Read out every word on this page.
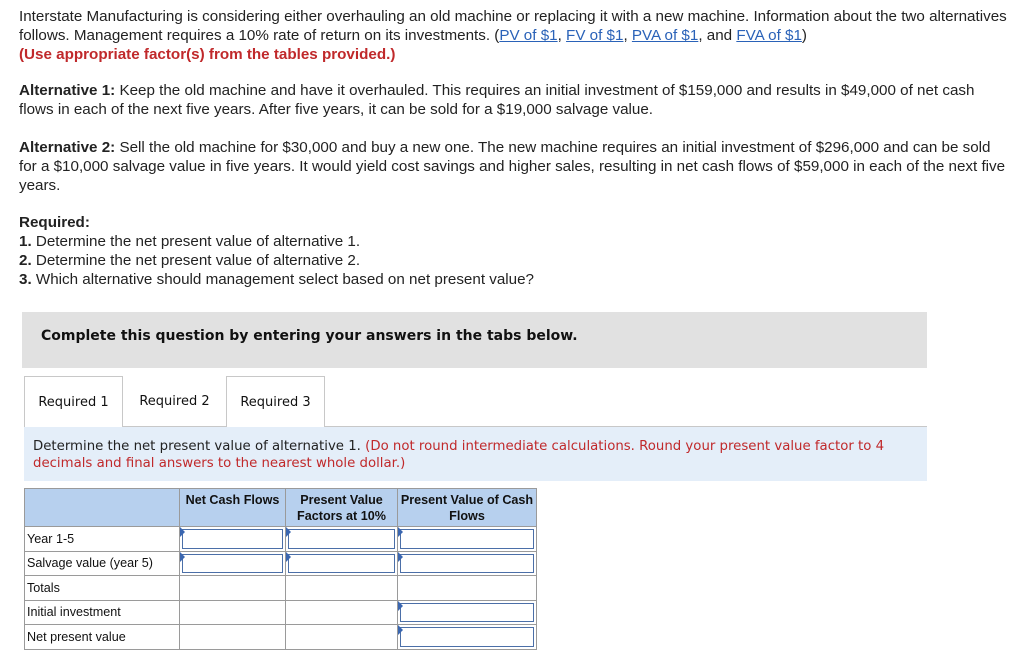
Interstate Manufacturing is considering either overhauling an old machine or replacing it with a new machine. Information about the two alternatives follows. Management requires a 10% rate of return on its investments. (PV of $1, FV of $1, PVA of $1, and FVA of $1)
(Use appropriate factor(s) from the tables provided.)
Alternative 1: Keep the old machine and have it overhauled. This requires an initial investment of $159,000 and results in $49,000 of net cash flows in each of the next five years. After five years, it can be sold for a $19,000 salvage value.
Alternative 2: Sell the old machine for $30,000 and buy a new one. The new machine requires an initial investment of $296,000 and can be sold for a $10,000 salvage value in five years. It would yield cost savings and higher sales, resulting in net cash flows of $59,000 in each of the next five years.
Required:
1. Determine the net present value of alternative 1.
2. Determine the net present value of alternative 2.
3. Which alternative should management select based on net present value?
Complete this question by entering your answers in the tabs below.
Required 1	Required 2	Required 3
Determine the net present value of alternative 1. (Do not round intermediate calculations. Round your present value factor to 4 decimals and final answers to the nearest whole dollar.)
	Net Cash Flows	Present Value Factors at 10%	Present Value of Cash Flows
Year 1-5	

Salvage value (year 5)	

Totals			
Initial investment			

Net present value			
